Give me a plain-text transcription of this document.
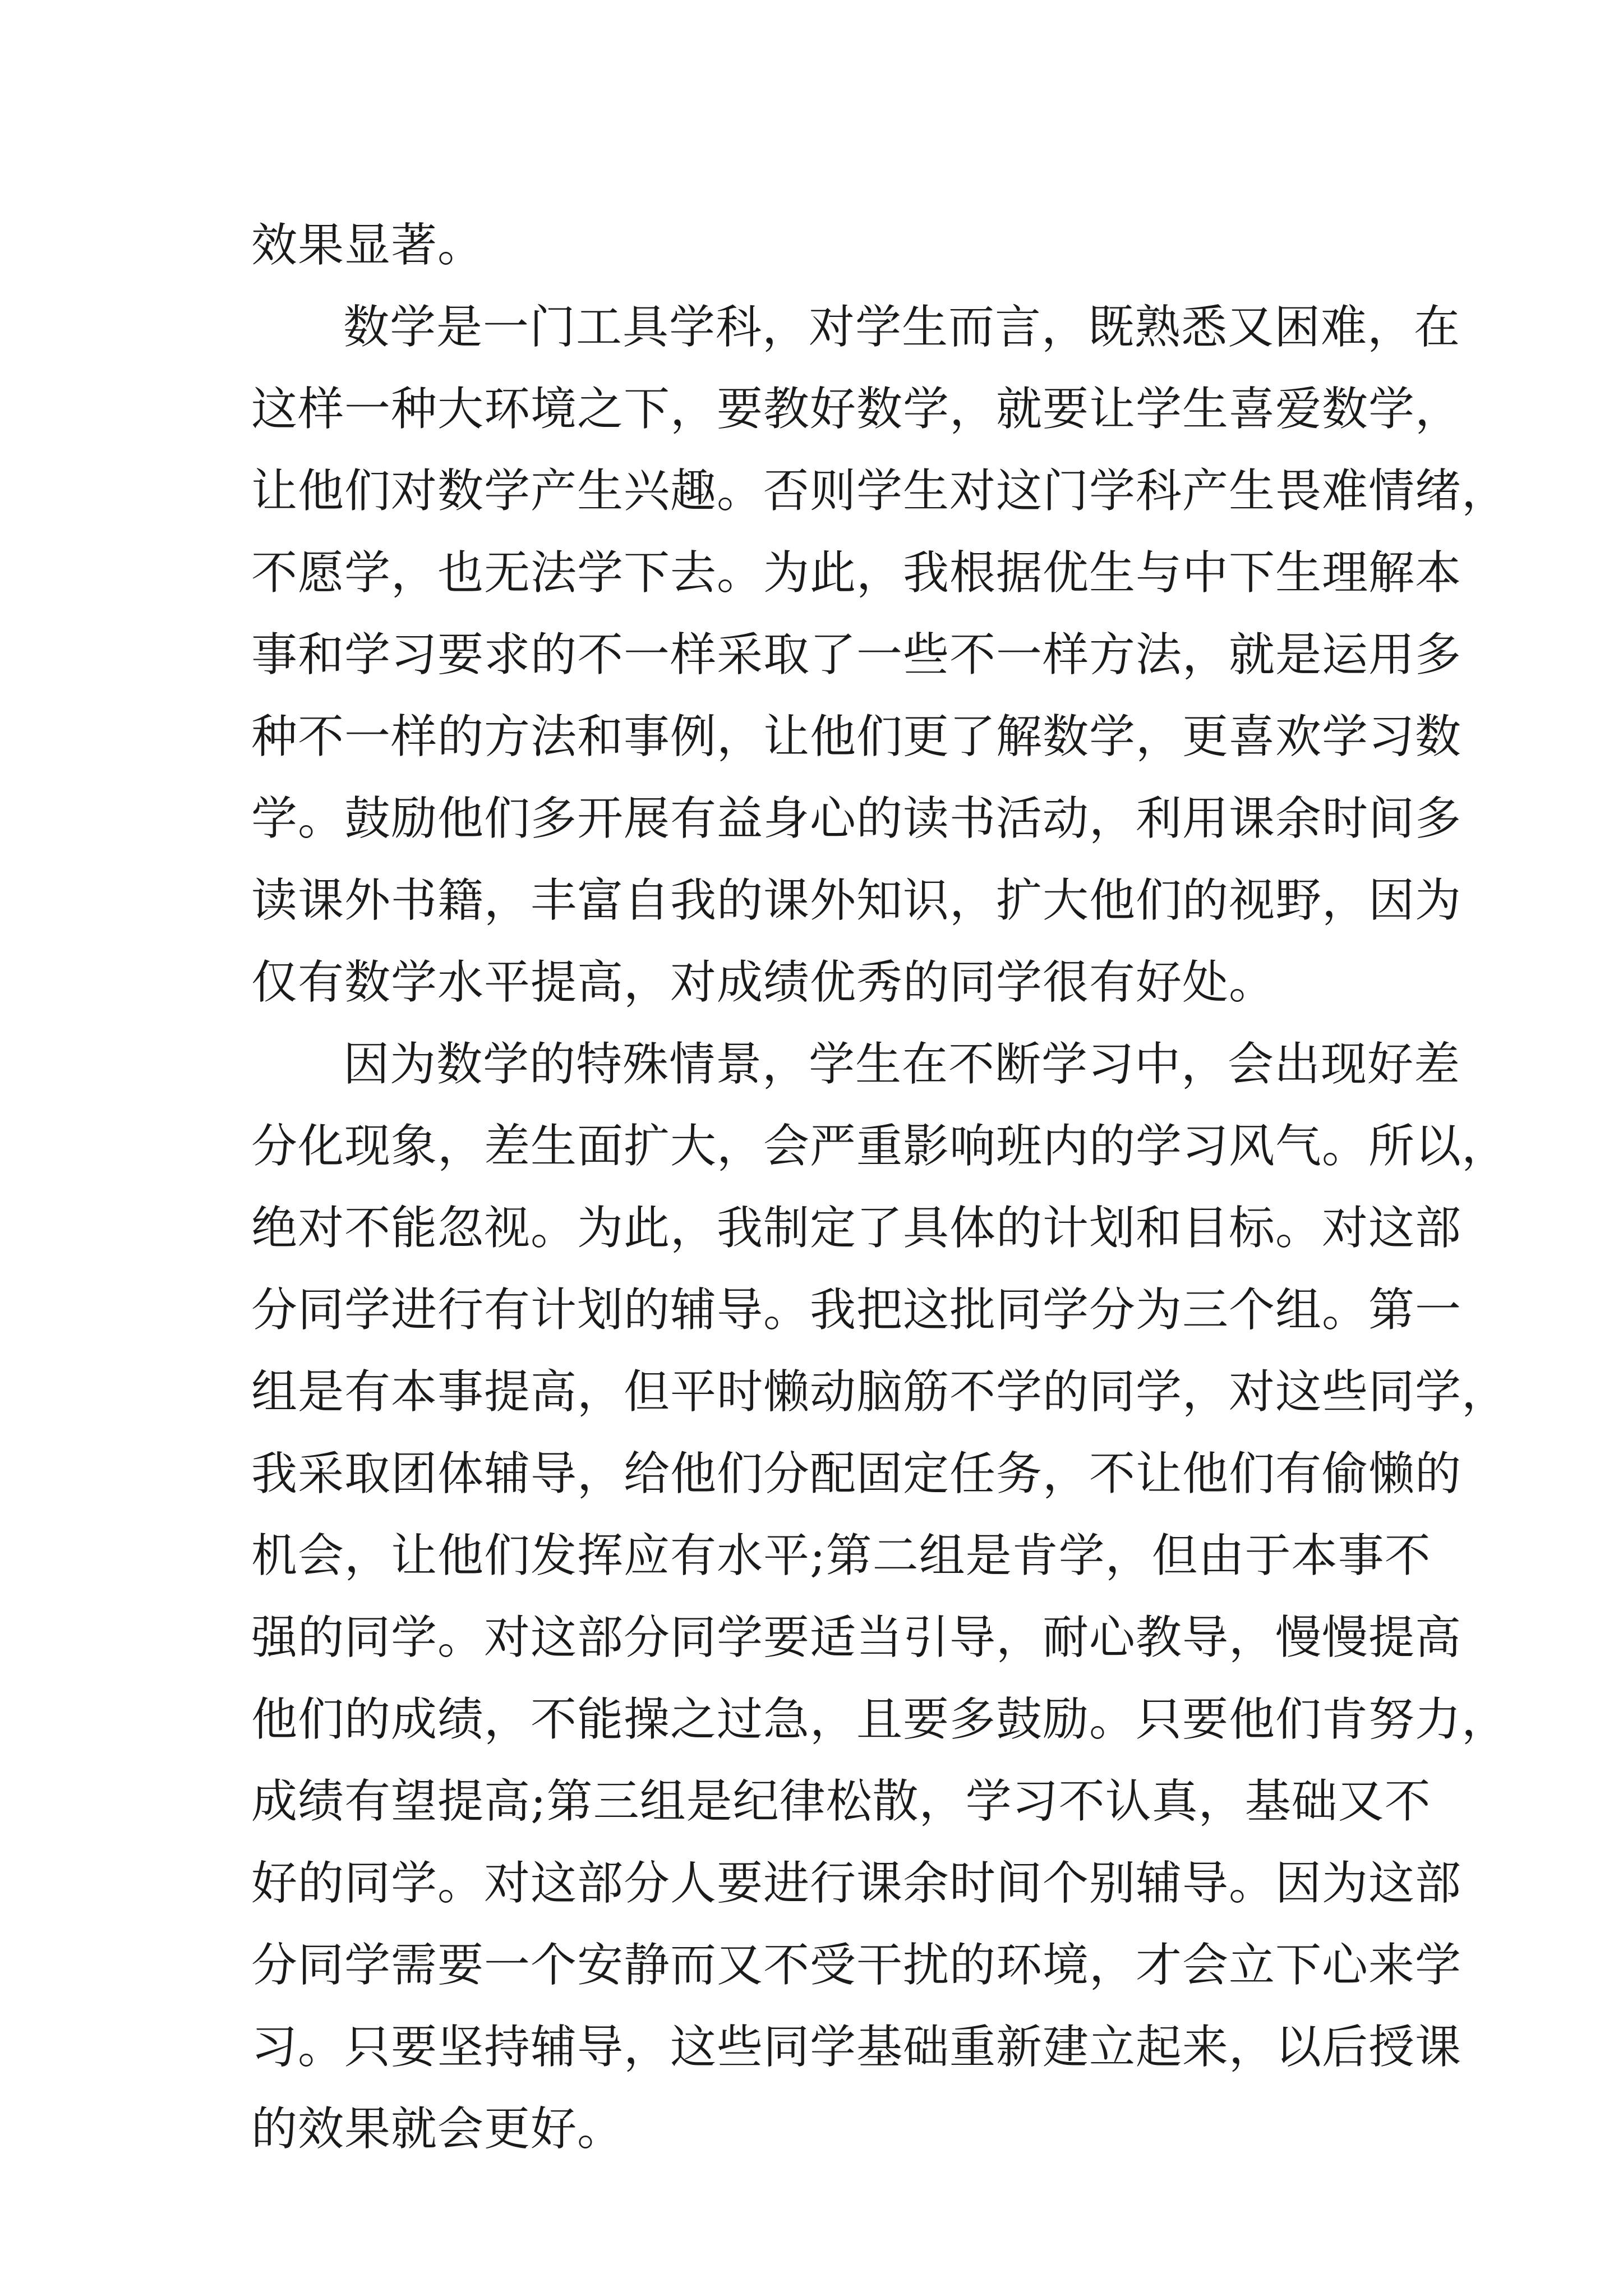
效果显著。
数学是一门工具学科，对学生而言，既熟悉又困难，在
这样一种大环境之下，要教好数学，就要让学生喜爱数学，
让他们对数学产生兴趣。否则学生对这门学科产生畏难情绪，
不愿学，也无法学下去。为此，我根据优生与中下生理解本
事和学习要求的不一样采取了一些不一样方法，就是运用多
种不一样的方法和事例，让他们更了解数学，更喜欢学习数
学。鼓励他们多开展有益身心的读书活动，利用课余时间多
读课外书籍，丰富自我的课外知识，扩大他们的视野，因为
仅有数学水平提高，对成绩优秀的同学很有好处。
因为数学的特殊情景，学生在不断学习中，会出现好差
分化现象，差生面扩大，会严重影响班内的学习风气。所以，
绝对不能忽视。为此，我制定了具体的计划和目标。对这部
分同学进行有计划的辅导。我把这批同学分为三个组。第一
组是有本事提高，但平时懒动脑筋不学的同学，对这些同学，
我采取团体辅导，给他们分配固定任务，不让他们有偷懒的
机会，让他们发挥应有水平;第二组是肯学，但由于本事不
强的同学。对这部分同学要适当引导，耐心教导，慢慢提高
他们的成绩，不能操之过急，且要多鼓励。只要他们肯努力，
成绩有望提高;第三组是纪律松散，学习不认真，基础又不
好的同学。对这部分人要进行课余时间个别辅导。因为这部
分同学需要一个安静而又不受干扰的环境，才会立下心来学
习。只要坚持辅导，这些同学基础重新建立起来，以后授课
的效果就会更好。
